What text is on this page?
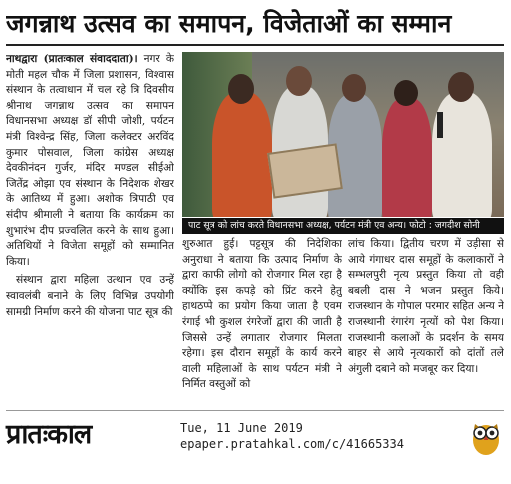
जगन्नाथ उत्सव का समापन, विजेताओं का सम्मान

नाथद्वारा (प्रातःकाल संवाददाता)। नगर के मोती महल चौक में जिला प्रशासन, विश्वास संस्थान के तत्वाधान में चल रहे त्रि दिवसीय श्रीनाथ जगन्नाथ उत्सव का समापन विधानसभा अध्यक्ष डॉ सीपी जोशी, पर्यटन मंत्री विश्वेन्द्र सिंह, जिला कलेक्टर अरविंद कुमार पोसवाल, जिला कांग्रेस अध्यक्ष देवकीनंदन गुर्जर, मंदिर मण्डल सीईओ जितेंद्र ओझा एव संस्थान के निदेशक शेखर के आतिथ्य में हुआ। अशोक त्रिपाठी एव संदीप श्रीमाली ने बताया कि कार्यक्रम का शुभारंभ दीप प्रज्वलित करने के साथ हुआ। अतिथियों ने विजेता समूहों को सम्मानित किया।

संस्थान द्वारा महिला उत्थान एव उन्हें स्वावलंबी बनाने के लिए विभिन्न उपयोगी सामग्री निर्माण करने की योजना पाट सूत्र की

पाट सूत्र को लांच करते विधानसभा अध्यक्ष, पर्यटन मंत्री एव अन्य। फोटो : जगदीश सोनी

शुरुआत हुई। पट्टसूत्र की निदेशिका अनुराधा ने बताया कि उत्पाद निर्माण के द्वारा काफी लोगो को रोजगार मिल रहा है क्योंकि इस कपड़े को प्रिंट करने हेतु हाथठप्पे का प्रयोग किया जाता है एवम रंगाई भी कुशल रंगरेजों द्वारा की जाती है जिससे उन्हें लगातार रोजगार मिलता रहेगा। इस दौरान समूहों के कार्य करने वाली महिलाओं के साथ पर्यटन मंत्री ने निर्मित वस्तुओं को

लांच किया। द्वितीय चरण में उड़ीसा से आये गंगाधर दास समूहों के कलाकारों ने सम्भलपुरी नृत्य प्रस्तुत किया तो वही बबली दास ने भजन प्रस्तुत किये। राजस्थान के गोपाल परमार सहित अन्य ने राजस्थानी रंगारंग नृत्यों को पेश किया। राजस्थानी कलाओं के प्रदर्शन के समय बाहर से आये नृत्यकारों को दांतों तले अंगुली दबाने को मजबूर कर दिया।

प्रातःकाल	Tue, 11 June 2019
epaper.pratahkal.com/c/41665334
